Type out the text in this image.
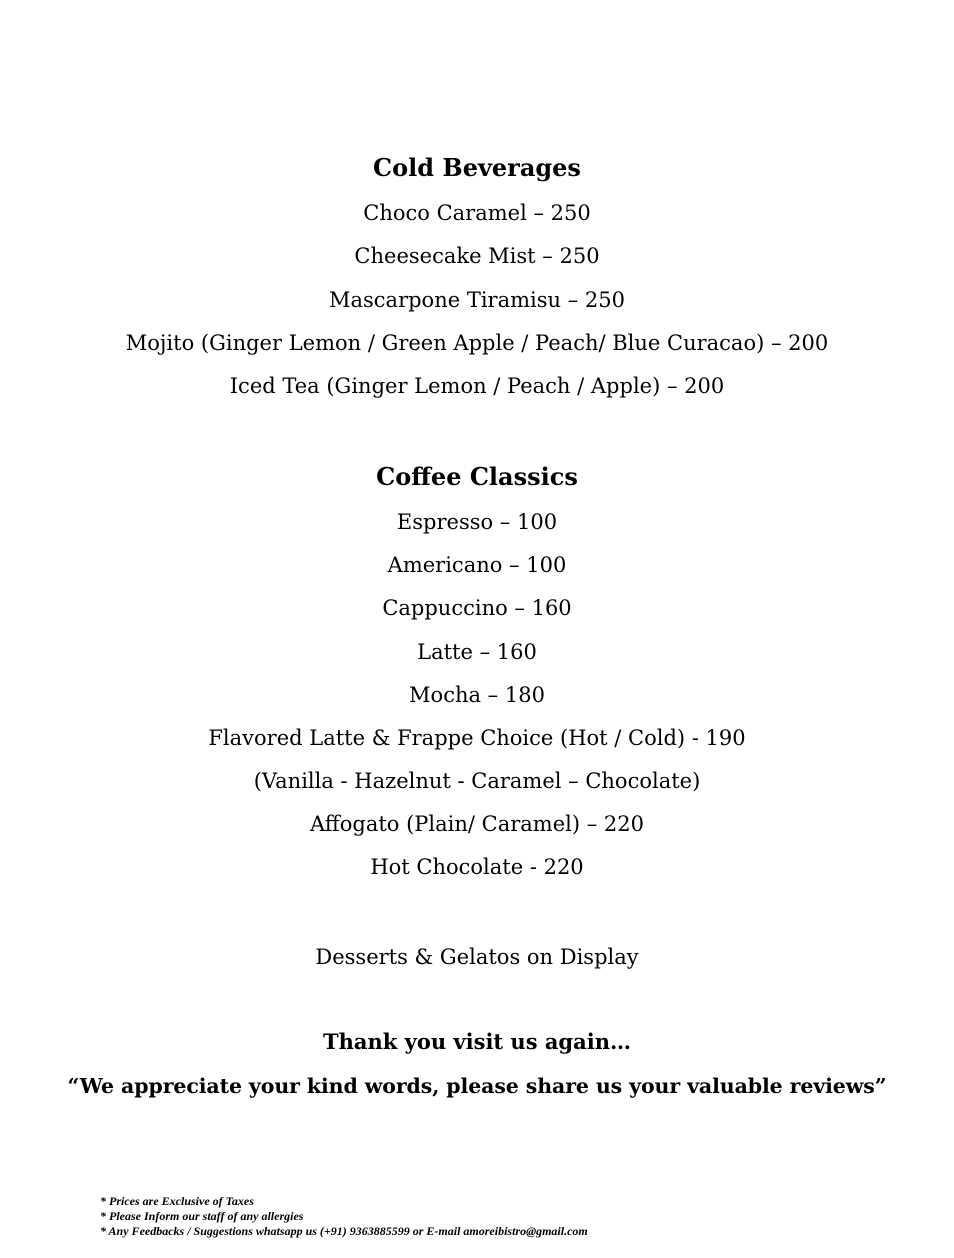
Cold Beverages
Choco Caramel – 250
Cheesecake Mist – 250
Mascarpone Tiramisu – 250
Mojito (Ginger Lemon / Green Apple / Peach/ Blue Curacao) – 200
Iced Tea (Ginger Lemon / Peach / Apple) – 200
Coffee Classics
Espresso – 100
Americano – 100
Cappuccino – 160
Latte – 160
Mocha – 180
Flavored Latte & Frappe Choice (Hot / Cold) - 190
(Vanilla - Hazelnut - Caramel – Chocolate)
Affogato (Plain/ Caramel) – 220
Hot Chocolate - 220
Desserts & Gelatos on Display
Thank you visit us again…
“We appreciate your kind words, please share us your valuable reviews”
* Prices are Exclusive of Taxes
* Please Inform our staff of any allergies
* Any Feedbacks / Suggestions whatsapp us (+91) 9363885599 or E-mail amoreibistro@gmail.com
